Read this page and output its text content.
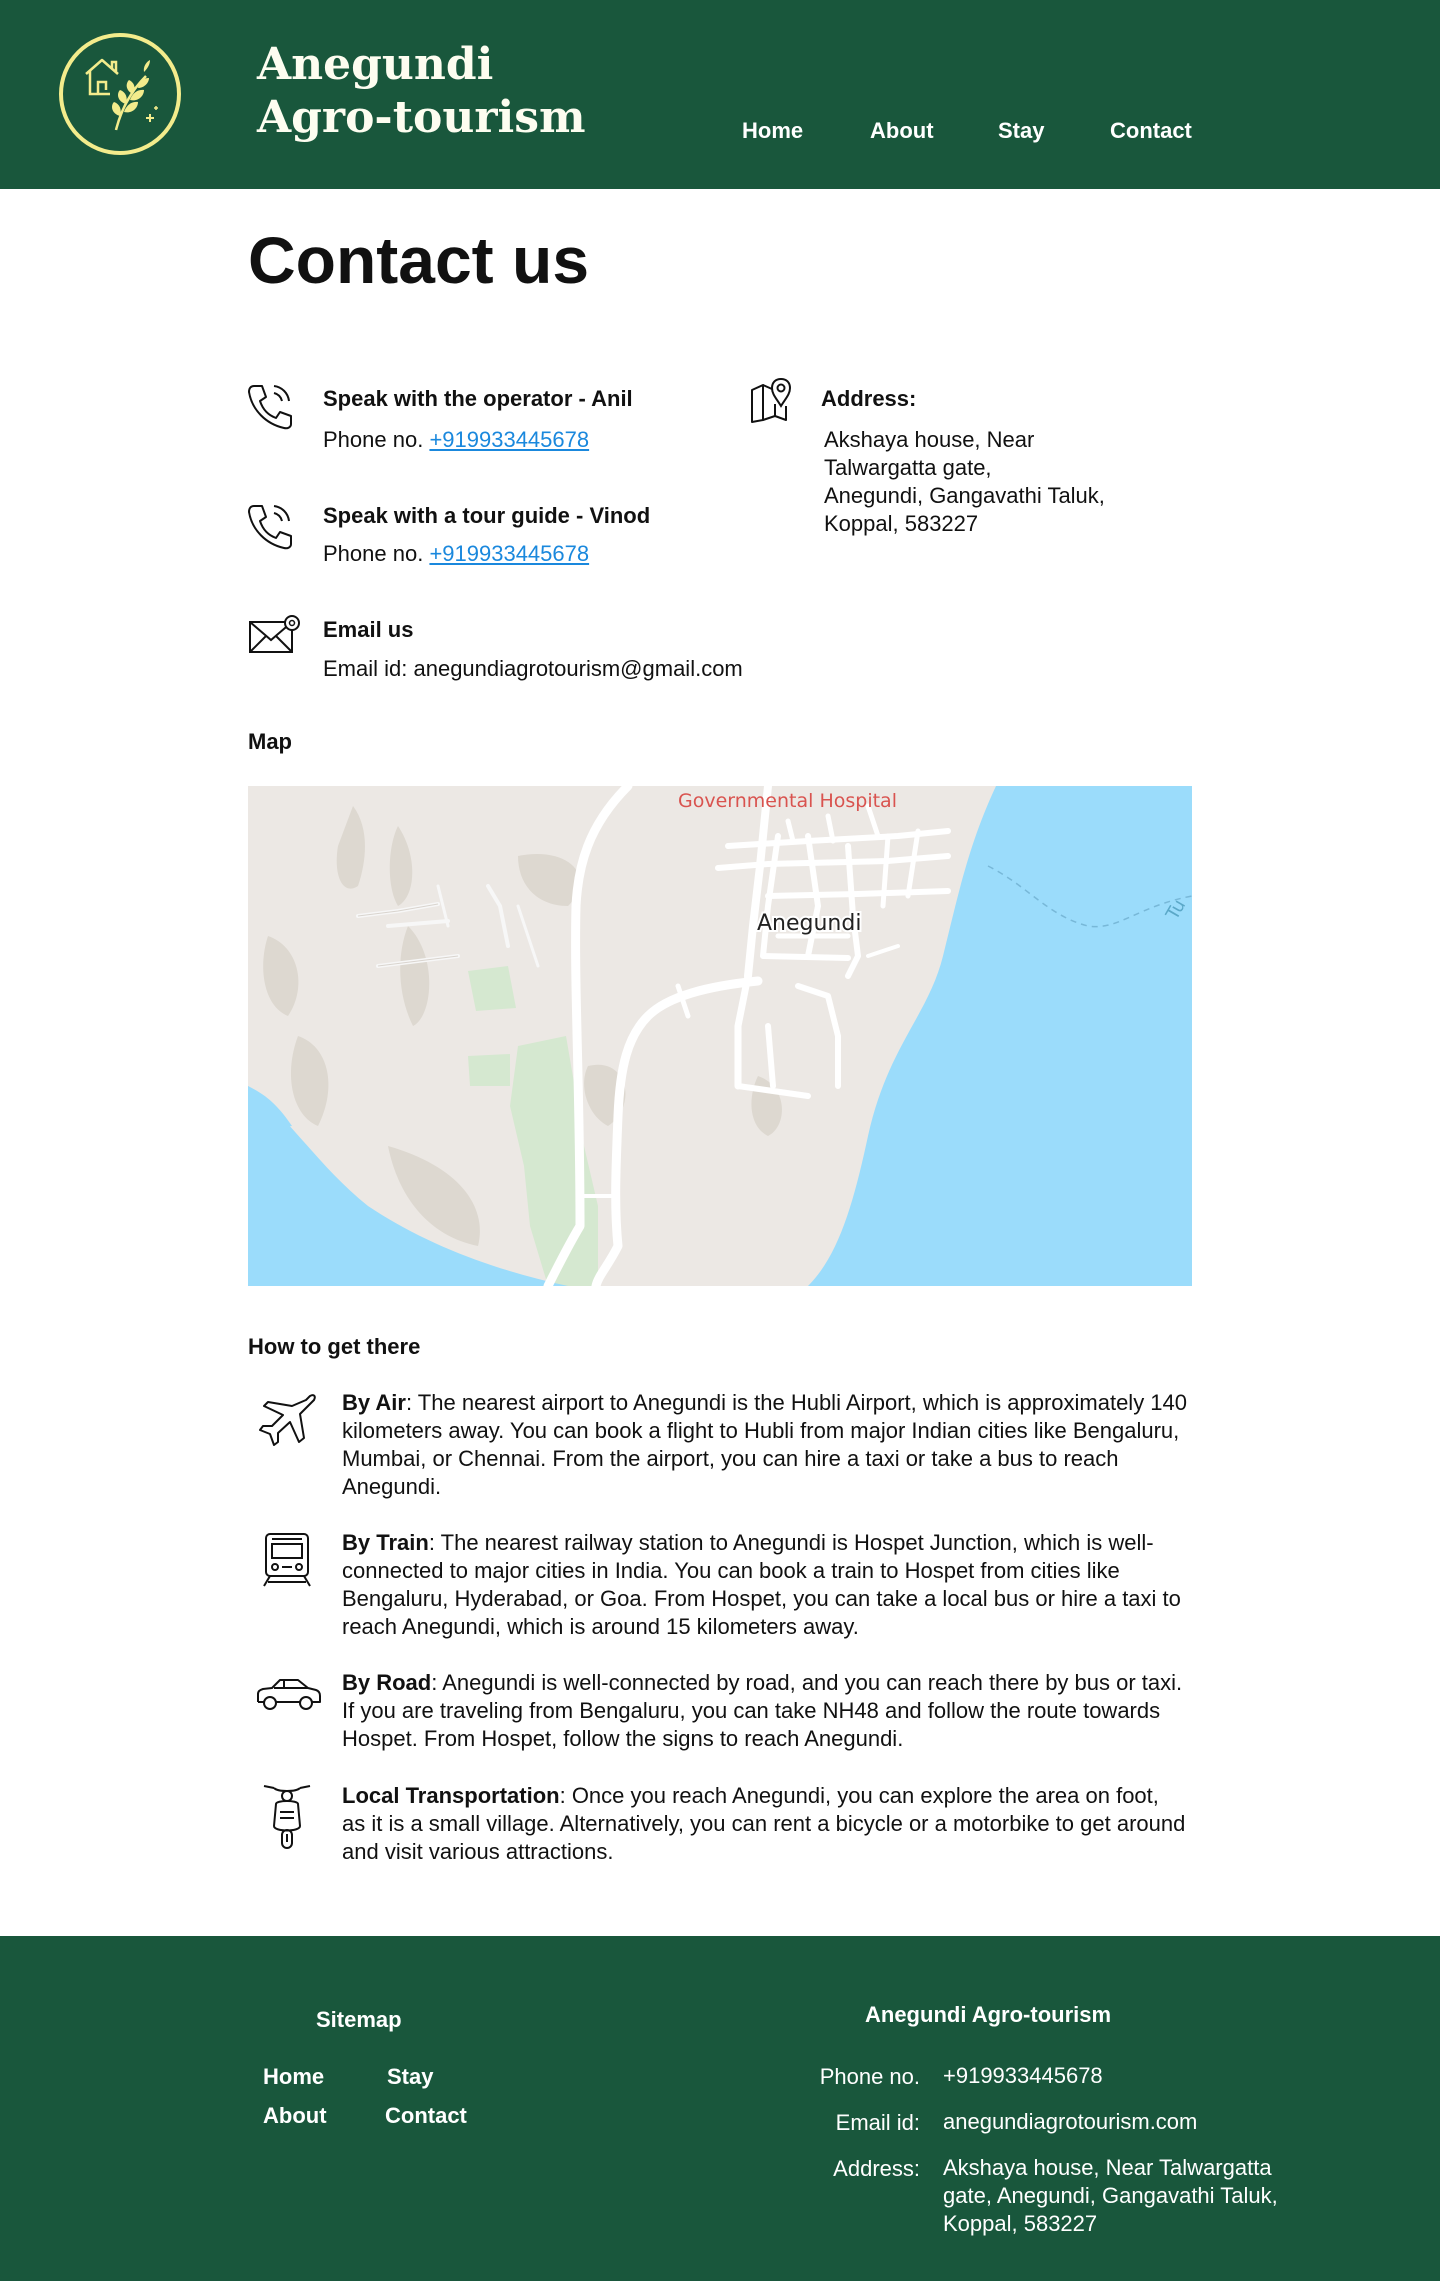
Anegundi
Agro-tourism	Home	About	Stay	Contact
Contact us
Speak with the operator - Anil
Phone no. +919933445678
Speak with a tour guide - Vinod
Phone no. +919933445678
Email us
Email id: anegundiagrotourism@gmail.com
Address:
Akshaya house, Near
Talwargatta gate,
Anegundi, Gangavathi Taluk,
Koppal, 583227
Map
Governmental Hospital
Anegundi	Tu
How to get there

By Air: The nearest airport to Anegundi is the Hubli Airport, which is approximately 140 kilometers away. You can book a flight to Hubli from major Indian cities like Bengaluru, Mumbai, or Chennai. From the airport, you can hire a taxi or take a bus to reach Anegundi.

By Train: The nearest railway station to Anegundi is Hospet Junction, which is well-connected to major cities in India. You can book a train to Hospet from cities like Bengaluru, Hyderabad, or Goa. From Hospet, you can take a local bus or hire a taxi to reach Anegundi, which is around 15 kilometers away.

By Road: Anegundi is well-connected by road, and you can reach there by bus or taxi. If you are traveling from Bengaluru, you can take NH48 and follow the route towards Hospet. From Hospet, follow the signs to reach Anegundi.

Local Transportation: Once you reach Anegundi, you can explore the area on foot, as it is a small village. Alternatively, you can rent a bicycle or a motorbike to get around and visit various attractions.

Sitemap
Home	Stay
About	Contact
Anegundi Agro-tourism
Phone no. +919933445678
Email id: anegundiagrotourism.com
Address: Akshaya house, Near Talwargatta
gate, Anegundi, Gangavathi Taluk,
Koppal, 583227
